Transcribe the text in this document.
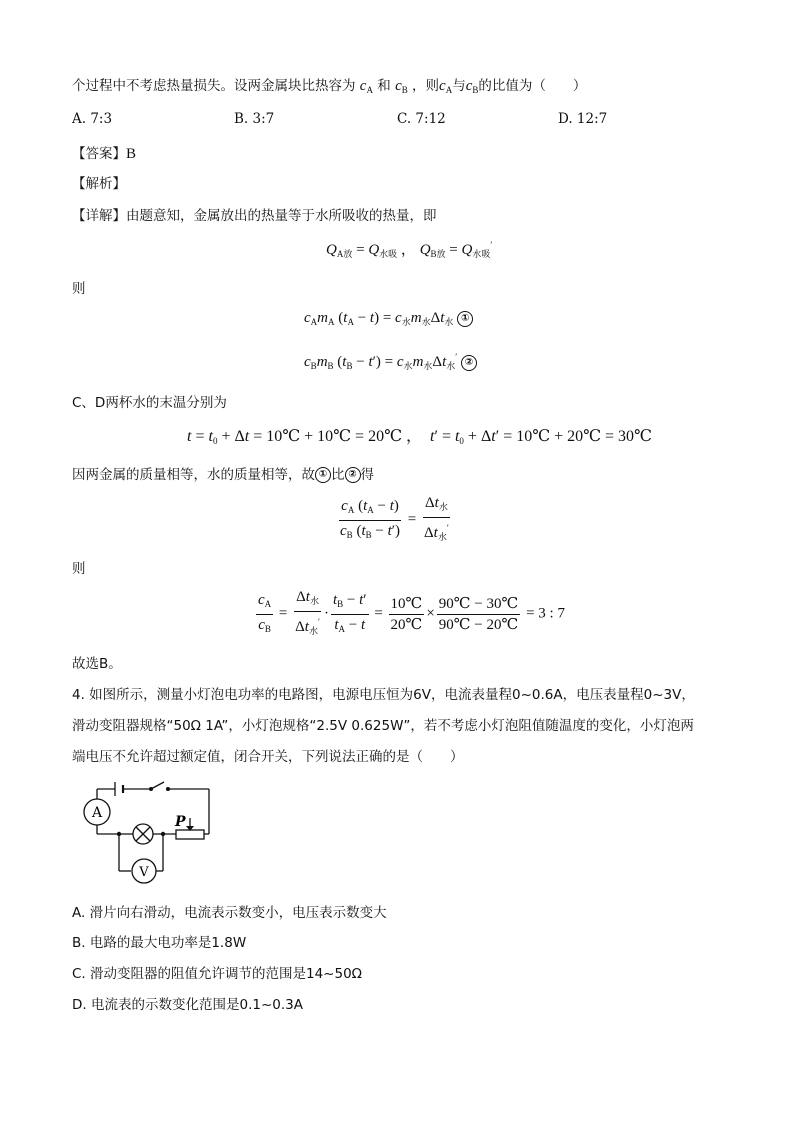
个过程中不考虑热量损失。设两金属块比热容为 $c_A$ 和 $c_B$ ，则$c_A$与$c_B$的比值为（　　）
A. 7:3	B. 3:7	C. 7:12	D. 12:7
【答案】B
【解析】
【详解】由题意知，金属放出的热量等于水所吸收的热量，即
$Q_{A放} = Q_{水吸}$ ， $Q_{B放} = Q_{水吸}'$
则
$c_Am_A$ $(t_A - t) = c_水m_水\Delta t_水$ ①
$c_Bm_B$ $(t_B - t') = c_水m_水\Delta t_水'$ ②
C、D两杯水的末温分别为
$t = t_0 + \Delta t$ = 10℃ + 10℃ = 20℃ ，　$t' = t_0 + \Delta t'$ = 10℃ + 20℃ = 30℃
因两金属的质量相等，水的质量相等，故 ① 比 ② 得
$\frac{c_A (t_A - t)}{c_B (t_B - t')} = \frac{\Delta t_水}{\Delta t_水'}$
则
$\frac{c_A}{c_B} = \frac{\Delta t_水}{\Delta t_水'} \cdot \frac{t_B - t'}{t_A - t} = \frac{10℃}{20℃} \times \frac{90℃ - 30℃}{90℃ - 20℃} = 3$ : 7
故选B。
4. 如图所示，测量小灯泡电功率的电路图，电源电压恒为6V，电流表量程0~0.6A，电压表量程0~3V，
滑动变阻器规格“50Ω 1A”，小灯泡规格“2.5V 0.625W”，若不考虑小灯泡阻值随温度的变化，小灯泡两
端电压不允许超过额定值，闭合开关，下列说法正确的是（　　）
A
V
P
A. 滑片向右滑动，电流表示数变小，电压表示数变大
B. 电路的最大电功率是1.8W
C. 滑动变阻器的阻值允许调节的范围是14~50Ω
D. 电流表的示数变化范围是0.1~0.3A
